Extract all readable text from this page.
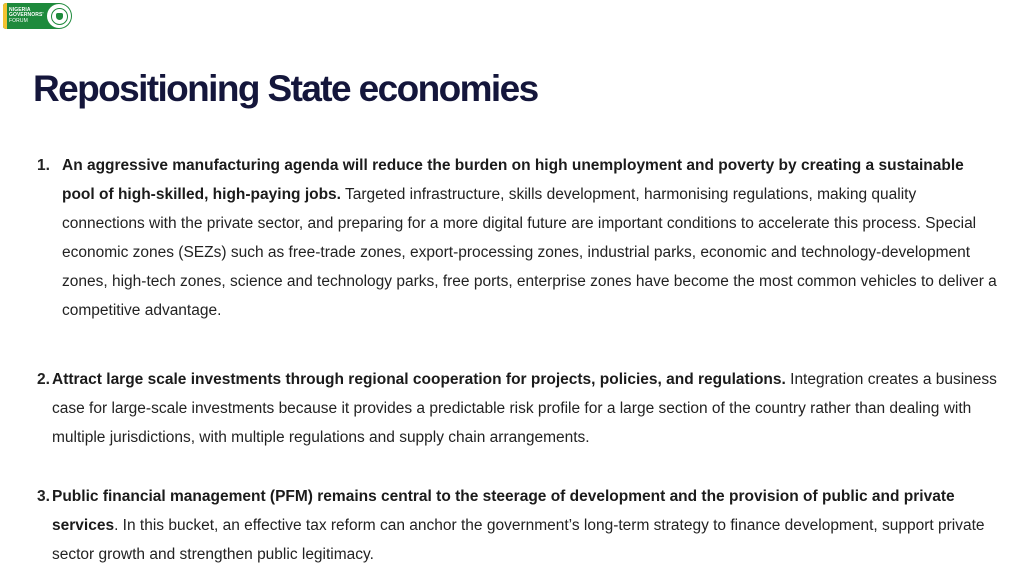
NIGERIA
GOVERNORS'
FORUM
Repositioning State economies
1. An aggressive manufacturing agenda will reduce the burden on high unemployment and poverty by creating a sustainable pool of high-skilled, high-paying jobs. Targeted infrastructure, skills development, harmonising regulations, making quality connections with the private sector, and preparing for a more digital future are important conditions to accelerate this process. Special economic zones (SEZs) such as free-trade zones, export-processing zones, industrial parks, economic and technology-development zones, high-tech zones, science and technology parks, free ports, enterprise zones have become the most common vehicles to deliver a competitive advantage.
2. Attract large scale investments through regional cooperation for projects, policies, and regulations. Integration creates a business case for large-scale investments because it provides a predictable risk profile for a large section of the country rather than dealing with multiple jurisdictions, with multiple regulations and supply chain arrangements.
3. Public financial management (PFM) remains central to the steerage of development and the provision of public and private services. In this bucket, an effective tax reform can anchor the government’s long-term strategy to finance development, support private sector growth and strengthen public legitimacy.
